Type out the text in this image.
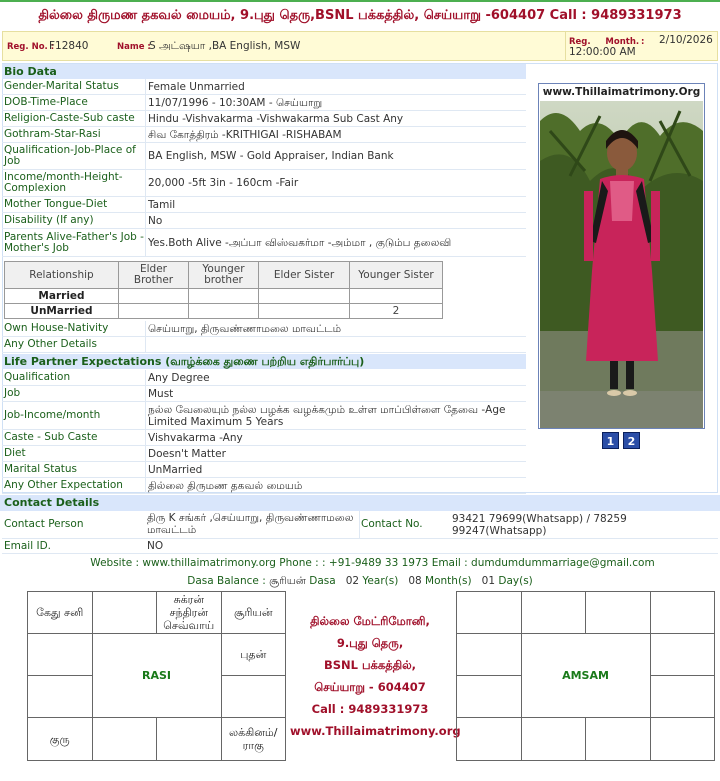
தில்லை திருமண தகவல் மையம், 9.புது தெரு,BSNL பக்கத்தில், செய்யாறு -604407 Call : 9489331973
Reg. No. :
F12840	Name :
S அட்ஷயா ,BA English, MSW	Reg.     Month. : 2/10/2026
12:00:00 AM
Bio Data
Gender-Marital Status	Female Unmarried
DOB-Time-Place	11/07/1996 - 10:30AM - செய்யாறு
Religion-Caste-Sub caste	Hindu -Vishvakarma -Vishwakarma Sub Cast Any
Gothram-Star-Rasi	சிவ கோத்திரம் -KRITHIGAI -RISHABAM
Qualification-Job-Place of Job	BA English, MSW - Gold Appraiser, Indian Bank
Income/month-Height-Complexion	20,000 -5ft 3in - 160cm -Fair
Mother Tongue-Diet	Tamil
Disability (If any)	No
Parents Alive-Father's Job - Mother's Job	Yes.Both Alive -அப்பா விஸ்வகர்மா -அம்மா , குடும்ப தலைவி
Relationship	Elder Brother	Younger brother	Elder Sister	Younger Sister
Married				
UnMarried				2
Own House-Nativity	செய்யாறு, திருவண்ணாமலை மாவட்டம்
Any Other Details
Life Partner Expectations (வாழ்க்கை துணை பற்றிய எதிர்பார்ப்பு)
Qualification	Any Degree
Job	Must
Job-Income/month	நல்ல வேலையும் நல்ல பழக்க வழக்கமும் உள்ள மாப்பிள்ளை தேவை -Age Limited Maximum 5 Years
Caste - Sub Caste	Vishvakarma -Any
Diet	Doesn't Matter
Marital Status	UnMarried
Any Other Expectation	தில்லை திருமண தகவல் மையம்
www.Thillaimatrimony.Org
1	2
Contact Details
Contact Person	திரு K சங்கர் ,செய்யாறு, திருவண்ணாமலை மாவட்டம்	Contact No.	93421 79699(Whatsapp) / 78259 99247(Whatsapp)
Email ID.	NO
Website : www.thillaimatrimony.org Phone : : +91-9489 33 1973 Email : dumdumdummarriage@gmail.com
Dasa Balance : சூரியன் Dasa 02 Year(s) 08 Month(s) 01 Day(s)
கேது சனி		சுக்ரன் சந்திரன் செவ்வாய்	சூரியன்
	RASI		புதன்

குரு			லக்கினம்/ ராகு
தில்லை மேட்ரிமோனி,
9.புது தெரு,
BSNL பக்கத்தில்,
செய்யாறு - 604407
Call : 9489331973
www.Thillaimatrimony.org

	AMSAM		
